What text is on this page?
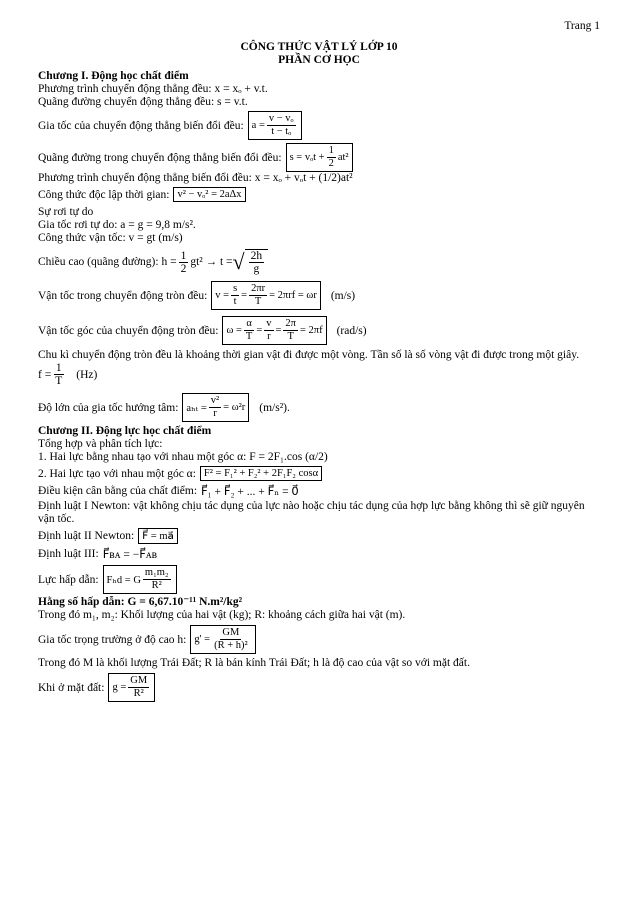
Trang 1
CÔNG THỨC VẬT LÝ LỚP 10
PHẦN CƠ HỌC
Chương I. Động học chất điểm
Phương trình chuyển động thẳng đều: x = xₒ + v.t.
Quãng đường chuyển động thẳng đều: s = v.t.
Gia tốc của chuyển động thẳng biến đổi đều: $a = \frac{\text{v − vₒ}}{\text{t − tₒ}}$
Quãng đường trong chuyển động thẳng biến đổi đều: $s = v_ot + \frac{1}{2} at^2$
Phương trình chuyển động thẳng biến đổi đều: x = xₒ + vₒt + (1/2)at²
Công thức độc lập thời gian: v² − vₒ² = 2aΔx
Sự rơi tự do
Gia tốc rơi tự do: a = g = 9,8 m/s².
Công thức vận tốc: v = gt (m/s)
Chiều cao (quãng đường): $h = \frac{1}{2} gt^2 \to t$ = √ $\frac{2h}{g}$
Vận tốc trong chuyển động tròn đều: $v = \frac{s}{t} = \frac{2\pi r}{T} = 2\pi rf = \omega r$ (m/s)
Vận tốc góc của chuyển động tròn đều: $\omega = \frac{\alpha}{T} = \frac{v}{r} = \frac{2\pi}{T} = 2\pi f$ (rad/s)
Chu kì chuyển động tròn đều là khoảng thời gian vật đi được một vòng. Tần số là số vòng vật đi được trong một giây.
$f = \frac{1}{T} (Hz)$
Độ lớn của gia tốc hướng tâm: $a_{ht} = \frac{\text{v²}}{r} = \omega^2r$ (m/s²).
Chương II. Động lực học chất điểm
Tổng hợp và phân tích lực:
1. Hai lực bằng nhau tạo với nhau một góc α: F = 2F₁.cos (α/2)
2. Hai lực tạo với nhau một góc α: F² = F₁² + F₂² + 2F₁F₂ cosα
Điều kiện cân bằng của chất điểm: F⃗₁ + F⃗₂ + ... + F⃗ₙ = 0⃗
Định luật I Newton: vật không chịu tác dụng của lực nào hoặc chịu tác dụng của hợp lực bằng không thì sẽ giữ nguyên vận tốc.
Định luật II Newton: F⃗ = ma⃗
Định luật III: F⃗ʙᴀ = −F⃗ᴀʙ
Lực hấp dẫn: Fₕd = G $\frac{\text{m₁m₂}}{\text{R²}}$
Hằng số hấp dẫn: G = 6,67.10⁻¹¹ N.m²/kg²
Trong đó m₁, m₂: Khối lượng của hai vật (kg); R: khoảng cách giữa hai vật (m).
Gia tốc trọng trường ở độ cao h: $g' = \frac{GM}{\text{(R + h)²}}$
Trong đó M là khối lượng Trái Đất; R là bán kính Trái Đất; h là độ cao của vật so với mặt đất.
Khi ở mặt đất: $g = \frac{GM}{\text{R²}}$
